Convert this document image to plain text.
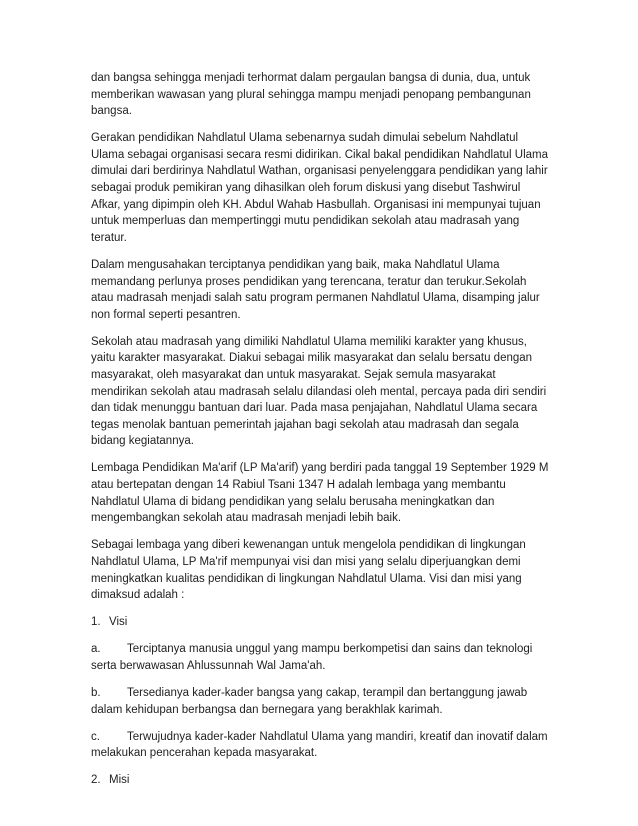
dan bangsa sehingga menjadi terhormat dalam pergaulan bangsa di dunia, dua, untuk memberikan wawasan yang plural sehingga mampu menjadi penopang pembangunan bangsa.

Gerakan pendidikan Nahdlatul Ulama sebenarnya sudah dimulai sebelum Nahdlatul Ulama sebagai organisasi secara resmi didirikan. Cikal bakal pendidikan Nahdlatul Ulama dimulai dari berdirinya Nahdlatul Wathan, organisasi penyelenggara pendidikan yang lahir sebagai produk pemikiran yang dihasilkan oleh forum diskusi yang disebut Tashwirul Afkar, yang dipimpin oleh KH. Abdul Wahab Hasbullah. Organisasi ini mempunyai tujuan untuk memperluas dan mempertinggi mutu pendidikan sekolah atau madrasah yang teratur.

Dalam mengusahakan terciptanya pendidikan yang baik, maka Nahdlatul Ulama memandang perlunya proses pendidikan yang terencana, teratur dan terukur.Sekolah atau madrasah menjadi salah satu program permanen Nahdlatul Ulama, disamping jalur non formal seperti pesantren.

Sekolah atau madrasah yang dimiliki Nahdlatul Ulama memiliki karakter yang khusus, yaitu karakter masyarakat. Diakui sebagai milik masyarakat dan selalu bersatu dengan masyarakat, oleh masyarakat dan untuk masyarakat. Sejak semula masyarakat mendirikan sekolah atau madrasah selalu dilandasi oleh mental, percaya pada diri sendiri dan tidak menunggu bantuan dari luar. Pada masa penjajahan, Nahdlatul Ulama secara tegas menolak bantuan pemerintah jajahan bagi sekolah atau madrasah dan segala bidang kegiatannya.

Lembaga Pendidikan Ma'arif (LP Ma'arif) yang berdiri pada tanggal 19 September 1929 M atau bertepatan dengan 14 Rabiul Tsani 1347 H adalah lembaga yang membantu Nahdlatul Ulama di bidang pendidikan yang selalu berusaha meningkatkan dan mengembangkan sekolah atau madrasah menjadi lebih baik.

Sebagai lembaga yang diberi kewenangan untuk mengelola pendidikan di lingkungan Nahdlatul Ulama, LP Ma'rif mempunyai visi dan misi yang selalu diperjuangkan demi meningkatkan kualitas pendidikan di lingkungan Nahdlatul Ulama. Visi dan misi yang dimaksud adalah :

1. Visi

a. Terciptanya manusia unggul yang mampu berkompetisi dan sains dan teknologi serta berwawasan Ahlussunnah Wal Jama'ah.

b. Tersedianya kader-kader bangsa yang cakap, terampil dan bertanggung jawab dalam kehidupan berbangsa dan bernegara yang berakhlak karimah.

c. Terwujudnya kader-kader Nahdlatul Ulama yang mandiri, kreatif dan inovatif dalam melakukan pencerahan kepada masyarakat.

2. Misi
